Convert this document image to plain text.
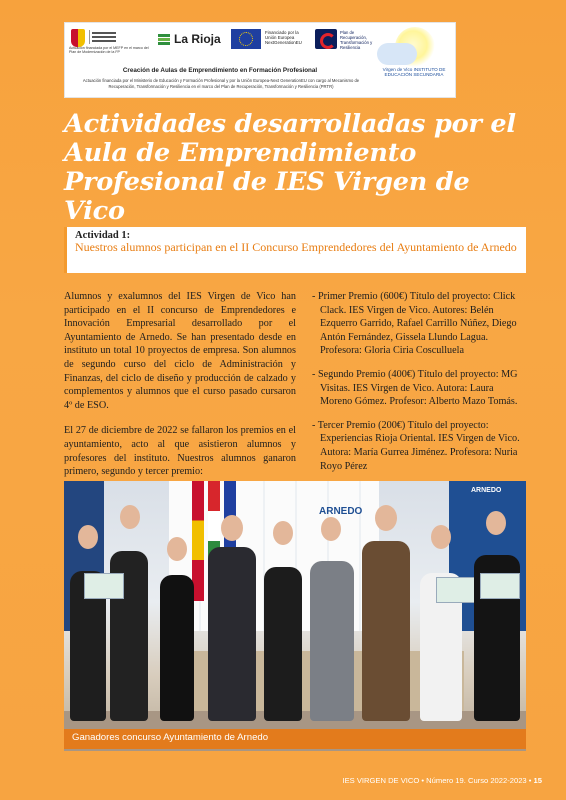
Actuación financiada por el MEFP en el marco del Plan de Modernización de la FP
La Rioja	Financiado por la Unión Europea NextGenerationEU
Plan de Recuperación, Transformación y Resiliencia
Virgen de Vico INSTITUTO DE EDUCACIÓN SECUNDARIA
Creación de Aulas de Emprendimiento en Formación Profesional
Actuación financiada por el Ministerio de Educación y Formación Profesional y por la Unión Europea-Next GenerationEU con cargo al Mecanismo de Recuperación, Transformación y Resiliencia en el marco del Plan de Recuperación, Transformación y Resiliencia (PRTR)
Actividades desarrolladas por el Aula de Emprendimiento Profesional de IES Virgen de Vico
Actividad 1:
Nuestros alumnos participan en el II Concurso Emprendedores del Ayuntamiento de Arnedo

Alumnos y exalumnos del IES Virgen de Vico han participado en el II concurso de Emprendedores e Innovación Empresarial desarrollado por el Ayuntamiento de Arnedo. Se han presentado desde en instituto un total 10 proyectos de empresa. Son alumnos de segundo curso del ciclo de Administración y Finanzas, del ciclo de diseño y producción de calzado y complementos y alumnos que el curso pasado cursaron 4º de ESO.

El 27 de diciembre de 2022 se fallaron los premios en el ayuntamiento, acto al que asistieron alumnos y profesores del instituto. Nuestros alumnos ganaron primero, segundo y tercer premio:

- Primer Premio (600€) Título del proyecto: Click Clack. IES Virgen de Vico. Autores: Belén Ezquerro Garrido, Rafael Carrillo Núñez, Diego Antón Fernández, Gissela Llundo Lagua. Profesora: Gloria Ciria Cosculluela
- Segundo Premio (400€) Título del proyecto: MG Visitas. IES Virgen de Vico. Autora: Laura Moreno Gómez. Profesor: Alberto Mazo Tomás.
- Tercer Premio (200€) Título del proyecto: Experiencias Rioja Oriental. IES Virgen de Vico. Autora: María Gurrea Jiménez. Profesora: Nuria Royo Pérez
ARNEDO
ARNEDO
Ganadores concurso Ayuntamiento de Arnedo
IES VIRGEN DE VICO • Número 19. Curso 2022-2023 • 15
